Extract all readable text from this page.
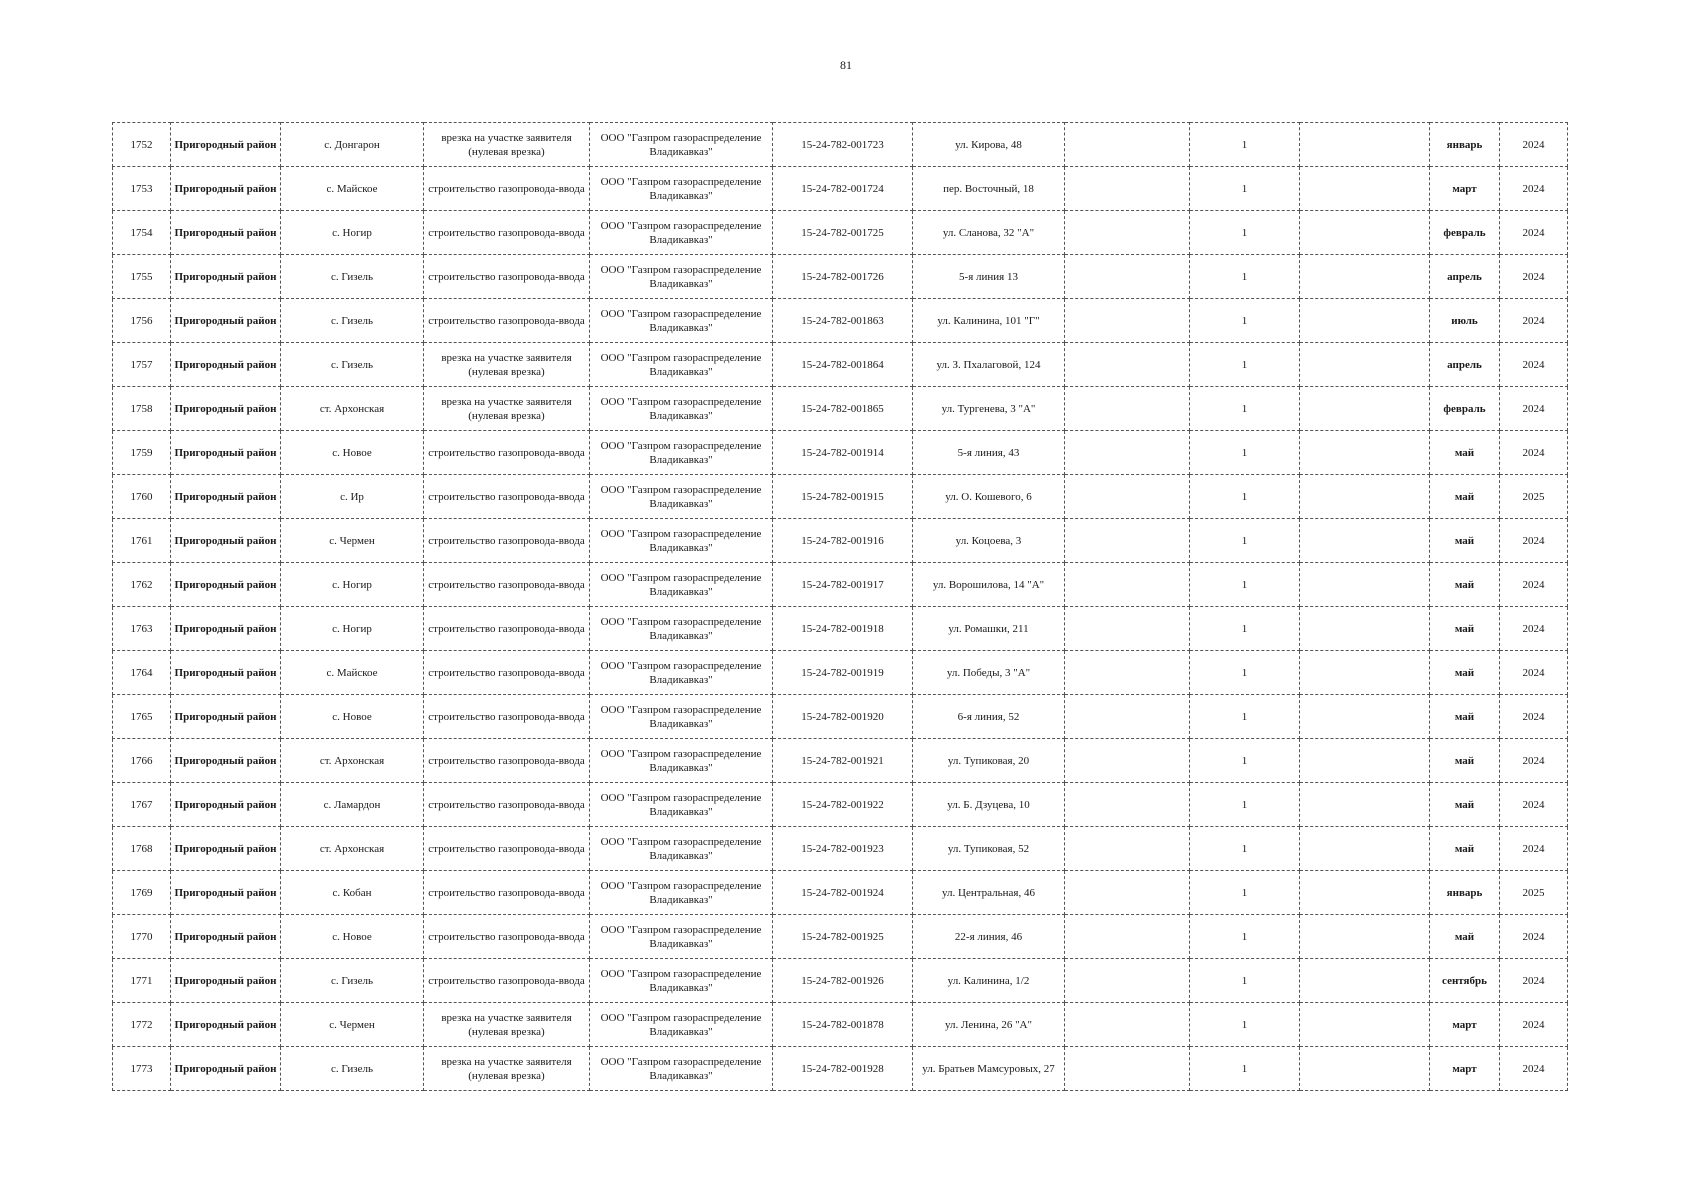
81
1752	Пригородный район	с. Донгарон	врезка на участке заявителя (нулевая врезка)	ООО "Газпром газораспределение Владикавказ"	15-24-782-001723	ул. Кирова, 48		1		январь	2024
1753	Пригородный район	с. Майское	строительство газопровода-ввода	ООО "Газпром газораспределение Владикавказ"	15-24-782-001724	пер. Восточный, 18		1		март	2024
1754	Пригородный район	с. Ногир	строительство газопровода-ввода	ООО "Газпром газораспределение Владикавказ"	15-24-782-001725	ул. Сланова, 32 "А"		1		февраль	2024
1755	Пригородный район	с. Гизель	строительство газопровода-ввода	ООО "Газпром газораспределение Владикавказ"	15-24-782-001726	5-я линия 13		1		апрель	2024
1756	Пригородный район	с. Гизель	строительство газопровода-ввода	ООО "Газпром газораспределение Владикавказ"	15-24-782-001863	ул. Калинина, 101 "Г"		1		июль	2024
1757	Пригородный район	с. Гизель	врезка на участке заявителя (нулевая врезка)	ООО "Газпром газораспределение Владикавказ"	15-24-782-001864	ул. З. Пхалаговой, 124		1		апрель	2024
1758	Пригородный район	ст. Архонская	врезка на участке заявителя (нулевая врезка)	ООО "Газпром газораспределение Владикавказ"	15-24-782-001865	ул. Тургенева, 3 "А"		1		февраль	2024
1759	Пригородный район	с. Новое	строительство газопровода-ввода	ООО "Газпром газораспределение Владикавказ"	15-24-782-001914	5-я линия, 43		1		май	2024
1760	Пригородный район	с. Ир	строительство газопровода-ввода	ООО "Газпром газораспределение Владикавказ"	15-24-782-001915	ул. О. Кошевого, 6		1		май	2025
1761	Пригородный район	с. Чермен	строительство газопровода-ввода	ООО "Газпром газораспределение Владикавказ"	15-24-782-001916	ул. Коцоева, 3		1		май	2024
1762	Пригородный район	с. Ногир	строительство газопровода-ввода	ООО "Газпром газораспределение Владикавказ"	15-24-782-001917	ул. Ворошилова, 14 "А"		1		май	2024
1763	Пригородный район	с. Ногир	строительство газопровода-ввода	ООО "Газпром газораспределение Владикавказ"	15-24-782-001918	ул. Ромашки, 211		1		май	2024
1764	Пригородный район	с. Майское	строительство газопровода-ввода	ООО "Газпром газораспределение Владикавказ"	15-24-782-001919	ул. Победы, 3 "А"		1		май	2024
1765	Пригородный район	с. Новое	строительство газопровода-ввода	ООО "Газпром газораспределение Владикавказ"	15-24-782-001920	6-я линия, 52		1		май	2024
1766	Пригородный район	ст. Архонская	строительство газопровода-ввода	ООО "Газпром газораспределение Владикавказ"	15-24-782-001921	ул. Тупиковая, 20		1		май	2024
1767	Пригородный район	с. Ламардон	строительство газопровода-ввода	ООО "Газпром газораспределение Владикавказ"	15-24-782-001922	ул. Б. Дзуцева, 10		1		май	2024
1768	Пригородный район	ст. Архонская	строительство газопровода-ввода	ООО "Газпром газораспределение Владикавказ"	15-24-782-001923	ул. Тупиковая, 52		1		май	2024
1769	Пригородный район	с. Кобан	строительство газопровода-ввода	ООО "Газпром газораспределение Владикавказ"	15-24-782-001924	ул. Центральная, 46		1		январь	2025
1770	Пригородный район	с. Новое	строительство газопровода-ввода	ООО "Газпром газораспределение Владикавказ"	15-24-782-001925	22-я линия, 46		1		май	2024
1771	Пригородный район	с. Гизель	строительство газопровода-ввода	ООО "Газпром газораспределение Владикавказ"	15-24-782-001926	ул. Калинина, 1/2		1		сентябрь	2024
1772	Пригородный район	с. Чермен	врезка на участке заявителя (нулевая врезка)	ООО "Газпром газораспределение Владикавказ"	15-24-782-001878	ул. Ленина, 26 "А"		1		март	2024
1773	Пригородный район	с. Гизель	врезка на участке заявителя (нулевая врезка)	ООО "Газпром газораспределение Владикавказ"	15-24-782-001928	ул. Братьев Мамсуровых, 27		1		март	2024
